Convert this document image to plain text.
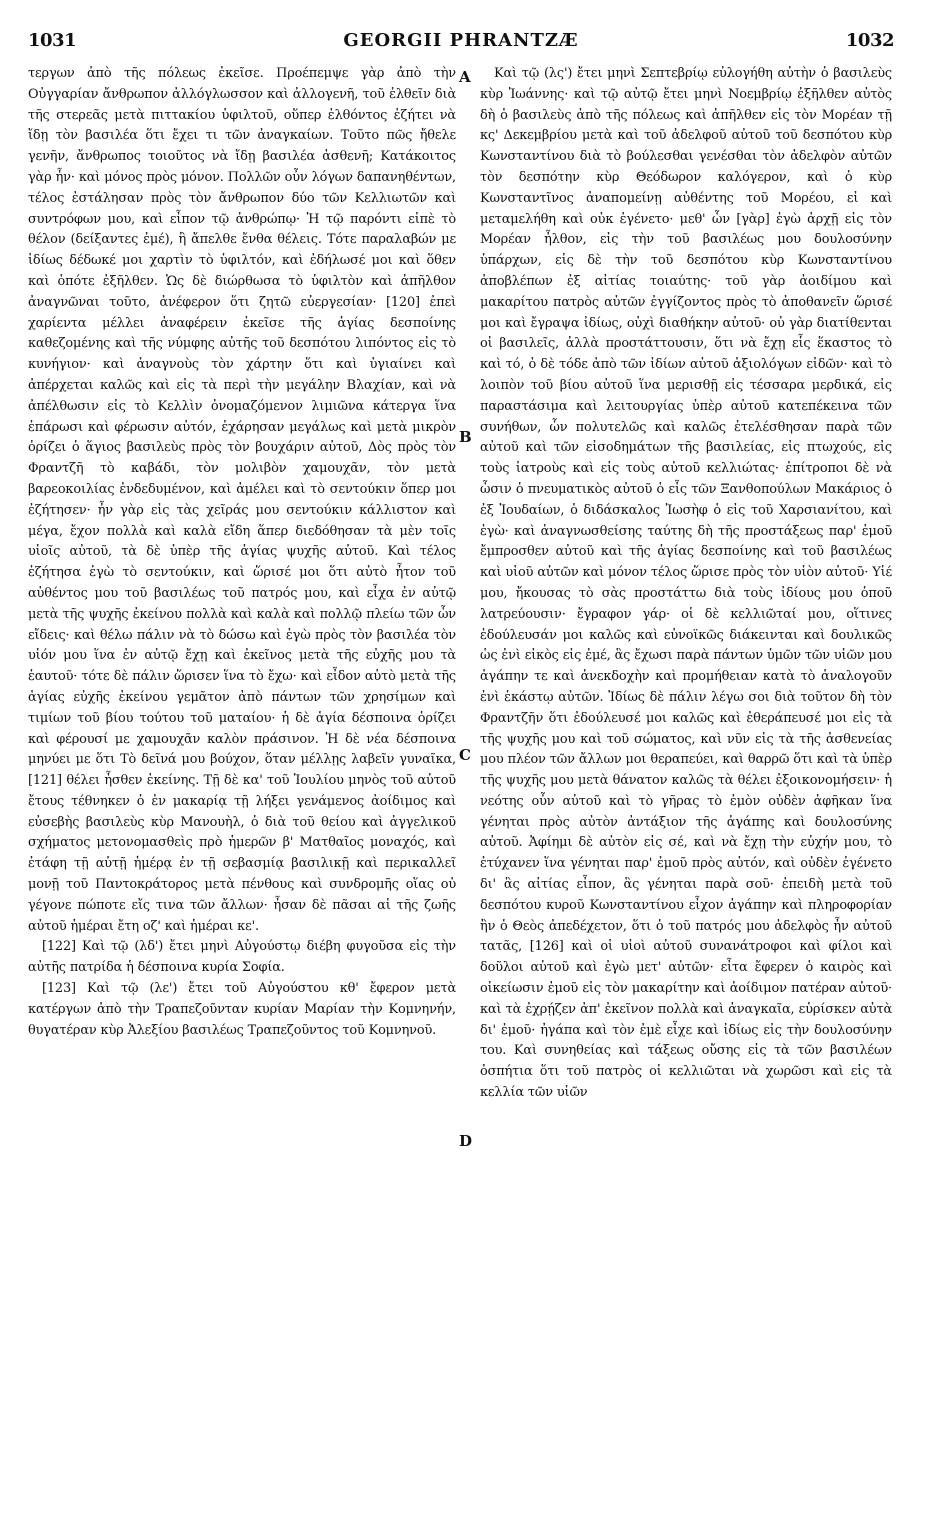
1031	GEORGII PHRANTZÆ	1032

τεργων ἀπὸ τῆς πόλεως ἐκεῖσε. Προέπεμψε γὰρ ἀπὸ τὴν Οὐγγαρίαν ἄνθρωπον ἀλλόγλωσσον καὶ ἀλλογενῆ, τοῦ ἐλθεῖν διὰ τῆς στερεᾶς μετὰ πιττακίου ὑφιλτοῦ, οὕπερ ἐλθόντος ἐζήτει νὰ ἴδῃ τὸν βασιλέα ὅτι ἔχει τι τῶν ἀναγκαίων. Τοῦτο πῶς ἤθελε γενῆν, ἄνθρωπος τοιοῦτος νὰ ἴδῃ βασιλέα ἀσθενῆ; Κατάκοιτος γὰρ ἦν· καὶ μόνος πρὸς μόνον. Πολλῶν οὖν λόγων δαπανηθέντων, τέλος ἐστάλησαν πρὸς τὸν ἄνθρωπον δύο τῶν Κελλιωτῶν καὶ συντρόφων μου, καὶ εἶπον τῷ ἀνθρώπῳ· Ἡ τῷ παρόντι εἰπὲ τὸ θέλον (δείξαντες ἐμέ), ἢ ἄπελθε ἔνθα θέλεις. Τότε παραλαβών με ἰδίως δέδωκέ μοι χαρτὶν τὸ ὑφιλτόν, καὶ ἐδήλωσέ μοι καὶ ὅθεν καὶ ὁπότε ἐξῆλθεν. Ὡς δὲ διώρθωσα τὸ ὑφιλτὸν καὶ ἀπῆλθον ἀναγνῶναι τοῦτο, ἀνέφερον ὅτι ζητῶ εὐεργεσίαν· [120] ἐπεὶ χαρίεντα μέλλει ἀναφέρειν ἐκεῖσε τῆς ἁγίας δεσποίνης καθεζομένης καὶ τῆς νύμφης αὐτῆς τοῦ δεσπότου λιπόντος εἰς τὸ κυνήγιον· καὶ ἀναγνοὺς τὸν χάρτην ὅτι καὶ ὑγιαίνει καὶ ἀπέρχεται καλῶς καὶ εἰς τὰ περὶ τὴν μεγάλην Βλαχίαν, καὶ νὰ ἀπέλθωσιν εἰς τὸ Κελλὶν ὀνομαζόμενον λιμιῶνα κάτεργα ἵνα ἐπάρωσι καὶ φέρωσιν αὐτόν, ἐχάρησαν μεγάλως καὶ μετὰ μικρὸν ὁρίζει ὁ ἅγιος βασιλεὺς πρὸς τὸν βουχάριν αὐτοῦ, Δὸς πρὸς τὸν Φραντζῆ τὸ καβάδι, τὸν μολιβὸν χαμουχᾶν, τὸν μετὰ βαρεοκοιλίας ἐνδεδυμένον, καὶ ἀμέλει καὶ τὸ σεντούκιν ὅπερ μοι ἐζήτησεν· ἦν γὰρ εἰς τὰς χεῖράς μου σεντούκιν κάλλιστον καὶ μέγα, ἔχον πολλὰ καὶ καλὰ εἴδη ἅπερ διεδόθησαν τὰ μὲν τοῖς υἱοῖς αὐτοῦ, τὰ δὲ ὑπὲρ τῆς ἁγίας ψυχῆς αὐτοῦ. Καὶ τέλος ἐζήτησα ἐγὼ τὸ σεντούκιν, καὶ ὥρισέ μοι ὅτι αὐτὸ ἦτον τοῦ αὐθέντος μου τοῦ βασιλέως τοῦ πατρός μου, καὶ εἶχα ἐν αὐτῷ μετὰ τῆς ψυχῆς ἐκείνου πολλὰ καὶ καλὰ καὶ πολλῷ πλείω τῶν ὧν εἴδεις· καὶ θέλω πάλιν νὰ τὸ δώσω καὶ ἐγὼ πρὸς τὸν βασιλέα τὸν υἱόν μου ἵνα ἐν αὐτῷ ἔχῃ καὶ ἐκεῖνος μετὰ τῆς εὐχῆς μου τὰ ἑαυτοῦ· τότε δὲ πάλιν ὥρισεν ἵνα τὸ ἔχω· καὶ εἶδον αὐτὸ μετὰ τῆς ἁγίας εὐχῆς ἐκείνου γεμᾶτον ἀπὸ πάντων τῶν χρησίμων καὶ τιμίων τοῦ βίου τούτου τοῦ ματαίου· ἡ δὲ ἁγία δέσποινα ὁρίζει καὶ φέρουσί με χαμουχᾶν καλὸν πράσινον. Ἡ δὲ νέα δέσποινα μηνύει με ὅτι Τὸ δεῖνά μου βούχον, ὅταν μέλλῃς λαβεῖν γυναῖκα, [121] θέλει ἦσθεν ἐκείνης. Τῇ δὲ κα' τοῦ Ἰουλίου μηνὸς τοῦ αὐτοῦ ἔτους τέθνηκεν ὁ ἐν μακαρίᾳ τῇ λήξει γενάμενος ἀοίδιμος καὶ εὐσεβὴς βασιλεὺς κὺρ Μανουὴλ, ὁ διὰ τοῦ θείου καὶ ἀγγελικοῦ σχήματος μετονομασθεὶς πρὸ ἡμερῶν β' Ματθαῖος μοναχός, καὶ ἐτάφη τῇ αὐτῇ ἡμέρᾳ ἐν τῇ σεβασμίᾳ βασιλικῇ καὶ περικαλλεῖ μονῇ τοῦ Παντοκράτορος μετὰ πένθους καὶ συνδρομῆς οἵας οὐ γέγονε πώποτε εἴς τινα τῶν ἄλλων· ἦσαν δὲ πᾶσαι αἱ τῆς ζωῆς αὐτοῦ ἡμέραι ἔτη οζ' καὶ ἡμέραι κε'.

[122] Καὶ τῷ (λδ') ἔτει μηνὶ Αὐγούστῳ διέβη φυγοῦσα εἰς τὴν αὐτῆς πατρίδα ἡ δέσποινα κυρία Σοφία.

[123] Καὶ τῷ (λε') ἔτει τοῦ Αὐγούστου κθ' ἔφερον μετὰ κατέργων ἀπὸ τὴν Τραπεζοῦνταν κυρίαν Μαρίαν τὴν Κομνηνήν, θυγατέραν κὺρ Ἀλεξίου βασιλέως Τραπεζοῦντος τοῦ Κομνηνοῦ.

A
B
C
D

Καὶ τῷ (λς') ἔτει μηνὶ Σεπτεβρίῳ εὐλογήθη αὐτὴν ὁ βασιλεὺς κὺρ Ἰωάννης· καὶ τῷ αὐτῷ ἔτει μηνὶ Νοεμβρίῳ ἐξῆλθεν αὐτὸς δὴ ὁ βασιλεὺς ἀπὸ τῆς πόλεως καὶ ἀπῆλθεν εἰς τὸν Μορέαν τῇ κς' Δεκεμβρίου μετὰ καὶ τοῦ ἀδελφοῦ αὐτοῦ τοῦ δεσπότου κὺρ Κωνσταντίνου διὰ τὸ βούλεσθαι γενέσθαι τὸν ἀδελφὸν αὐτῶν τὸν δεσπότην κὺρ Θεόδωρον καλόγερον, καὶ ὁ κὺρ Κωνσταντῖνος ἀναπομείνῃ αὐθέντης τοῦ Μορέου, εἰ καὶ μεταμελήθη καὶ οὐκ ἐγένετο· μεθ' ὧν [γὰρ] ἐγὼ ἀρχῇ εἰς τὸν Μορέαν ἦλθον, εἰς τὴν τοῦ βασιλέως μου δουλοσύνην ὑπάρχων, εἰς δὲ τὴν τοῦ δεσπότου κὺρ Κωνσταντίνου ἀποβλέπων ἐξ αἰτίας τοιαύτης· τοῦ γὰρ ἀοιδίμου καὶ μακαρίτου πατρὸς αὐτῶν ἐγγίζοντος πρὸς τὸ ἀποθανεῖν ὥρισέ μοι καὶ ἔγραψα ἰδίως, οὐχὶ διαθήκην αὐτοῦ· οὐ γὰρ διατίθενται οἱ βασιλεῖς, ἀλλὰ προστάττουσιν, ὅτι νὰ ἔχῃ εἷς ἕκαστος τὸ καὶ τό, ὁ δὲ τόδε ἀπὸ τῶν ἰδίων αὐτοῦ ἀξιολόγων εἰδῶν· καὶ τὸ λοιπὸν τοῦ βίου αὐτοῦ ἵνα μερισθῇ εἰς τέσσαρα μερδικά, εἰς παραστάσιμα καὶ λειτουργίας ὑπὲρ αὐτοῦ κατεπέκεινα τῶν συνήθων, ὧν πολυτελῶς καὶ καλῶς ἐτελέσθησαν παρὰ τῶν αὐτοῦ καὶ τῶν εἰσοδημάτων τῆς βασιλείας, εἰς πτωχούς, εἰς τοὺς ἰατροὺς καὶ εἰς τοὺς αὐτοῦ κελλιώτας· ἐπίτροποι δὲ νὰ ὦσιν ὁ πνευματικὸς αὐτοῦ ὁ εἷς τῶν Ξανθοπούλων Μακάριος ὁ ἐξ Ἰουδαίων, ὁ διδάσκαλος Ἰωσὴφ ὁ εἰς τοῦ Χαρσιανίτου, καὶ ἐγὼ· καὶ ἀναγνωσθείσης ταύτης δὴ τῆς προστάξεως παρ' ἐμοῦ ἔμπροσθεν αὐτοῦ καὶ τῆς ἁγίας δεσποίνης καὶ τοῦ βασιλέως καὶ υἱοῦ αὐτῶν καὶ μόνον τέλος ὥρισε πρὸς τὸν υἱὸν αὐτοῦ· Υἱέ μου, ἤκουσας τὸ σὰς προστάττω διὰ τοὺς ἰδίους μου ὁποῦ λατρεύουσιν· ἔγραφον γάρ· οἱ δὲ κελλιῶταί μου, οἵτινες ἐδούλευσάν μοι καλῶς καὶ εὐνοϊκῶς διάκεινται καὶ δουλικῶς ὡς ἐνὶ εἰκὸς εἰς ἐμέ, ἃς ἔχωσι παρὰ πάντων ὑμῶν τῶν υἱῶν μου ἀγάπην τε καὶ ἀνεκδοχὴν καὶ προμήθειαν κατὰ τὸ ἀναλογοῦν ἐνὶ ἑκάστῳ αὐτῶν. Ἰδίως δὲ πάλιν λέγω σοι διὰ τοῦτον δὴ τὸν Φραντζῆν ὅτι ἐδούλευσέ μοι καλῶς καὶ ἐθεράπευσέ μοι εἰς τὰ τῆς ψυχῆς μου καὶ τοῦ σώματος, καὶ νῦν εἰς τὰ τῆς ἀσθενείας μου πλέον τῶν ἄλλων μοι θεραπεύει, καὶ θαρρῶ ὅτι καὶ τὰ ὑπὲρ τῆς ψυχῆς μου μετὰ θάνατον καλῶς τὰ θέλει ἐξοικονομήσειν· ἡ νεότης οὖν αὐτοῦ καὶ τὸ γῆρας τὸ ἐμὸν οὐδὲν ἀφῆκαν ἵνα γένηται πρὸς αὐτὸν ἀντάξιον τῆς ἀγάπης καὶ δουλοσύνης αὐτοῦ. Ἀφίημι δὲ αὐτὸν εἰς σέ, καὶ νὰ ἔχῃ τὴν εὐχήν μου, τὸ ἐτύχανεν ἵνα γένηται παρ' ἐμοῦ πρὸς αὐτόν, καὶ οὐδὲν ἐγένετο δι' ἃς αἰτίας εἶπον, ἃς γένηται παρὰ σοῦ· ἐπειδὴ μετὰ τοῦ δεσπότου κυροῦ Κωνσταντίνου εἶχον ἀγάπην καὶ πληροφορίαν ἢν ὁ Θεὸς ἀπεδέχετον, ὅτι ὁ τοῦ πατρός μου ἀδελφὸς ἦν αὐτοῦ τατᾶς, [126] καὶ οἱ υἱοὶ αὐτοῦ συνανάτροφοι καὶ φίλοι καὶ δοῦλοι αὐτοῦ καὶ ἐγὼ μετ' αὐτῶν· εἶτα ἔφερεν ὁ καιρὸς καὶ οἰκείωσιν ἐμοῦ εἰς τὸν μακαρίτην καὶ ἀοίδιμον πατέραν αὐτοῦ· καὶ τὰ ἐχρῄζεν ἀπ' ἐκεῖνον πολλὰ καὶ ἀναγκαῖα, εὑρίσκεν αὐτὰ δι' ἐμοῦ· ἠγάπα καὶ τὸν ἐμὲ εἶχε καὶ ἰδίως εἰς τὴν δουλοσύνην του. Καὶ συνηθείας καὶ τάξεως οὔσης εἰς τὰ τῶν βασιλέων ὀσπήτια ὅτι τοῦ πατρὸς οἱ κελλιῶται νὰ χωρῶσι καὶ εἰς τὰ κελλία τῶν υἱῶν
